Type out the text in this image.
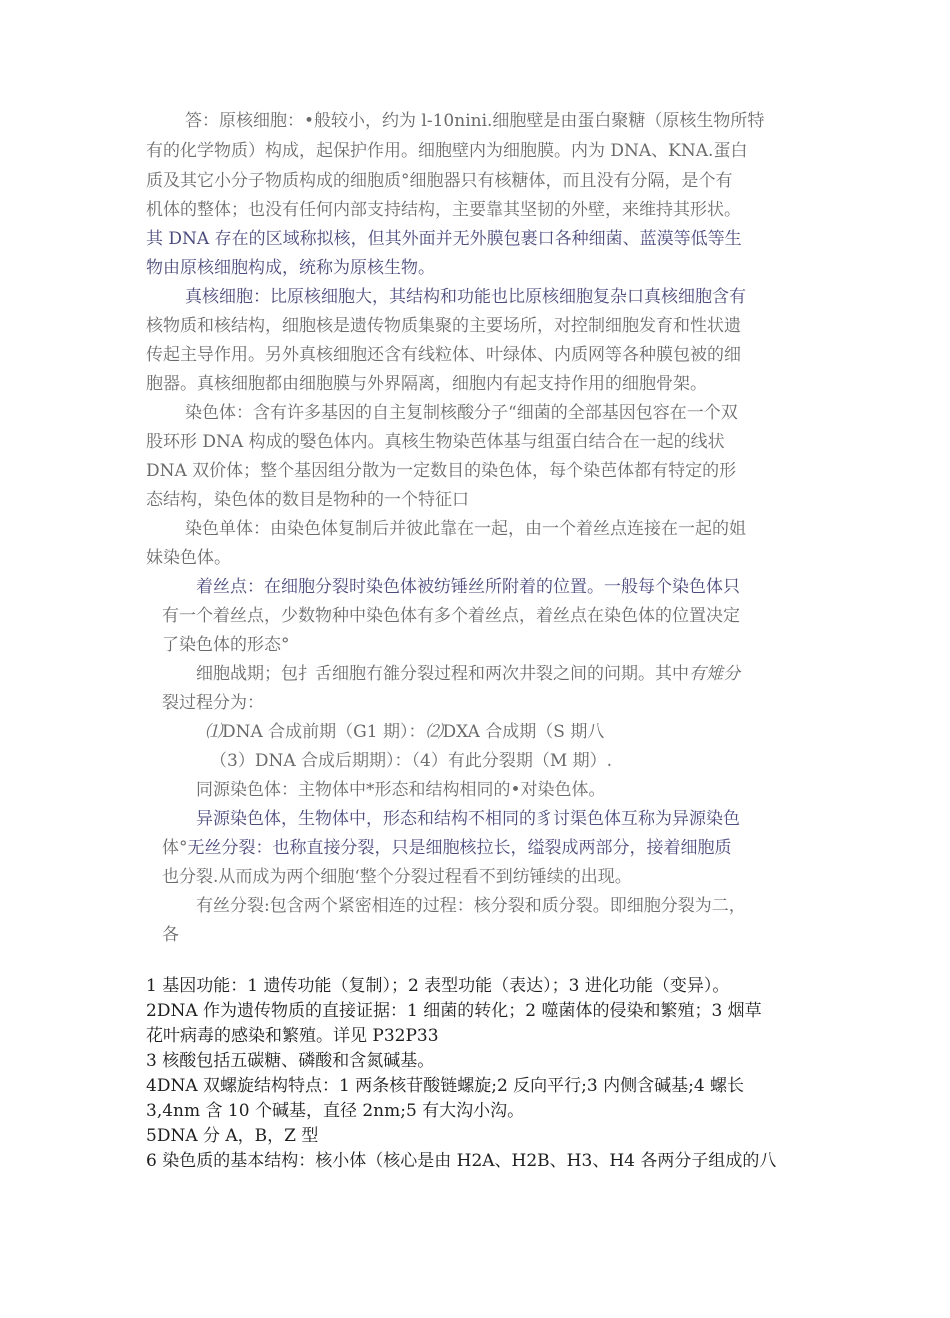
答：原核细胞：•般较小，约为 l-10nini.细胞壁是由蛋白聚糖（原核生物所特
有的化学物质）构成，起保护作用。细胞壁内为细胞膜。内为 DNA、KNA.蛋白
质及其它小分子物质构成的细胞质°细胞器只有核糖体，而且没有分隔，是个有
机体的整体；也没有任何内部支持结构，主要靠其坚韧的外壁，来维持其形状。
其 DNA 存在的区域称拟核，但其外面并无外膜包裹口各种细菌、蓝漠等低等生
物由原核细胞构成，统称为原核生物。
真核细胞：比原核细胞大，其结构和功能也比原核细胞复杂口真核细胞含有
核物质和核结构，细胞核是遗传物质集聚的主要场所，对控制细胞发育和性状遗
传起主导作用。另外真核细胞还含有线粒体、叶绿体、内质网等各种膜包被的细
胞器。真核细胞都由细胞膜与外界隔离，细胞内有起支持作用的细胞骨架。
染色体：含有许多基因的自主复制核酸分子“细菌的全部基因包容在一个双
股环形 DNA 构成的嫛色体内。真核生物染芭体基与组蛋白结合在一起的线状
DNA 双价体；整个基因组分散为一定数目的染色体，每个染芭体都有特定的形
态结构，染色体的数目是物种的一个特征口
染色单体：由染色体复制后并彼此靠在一起，由一个着丝点连接在一起的姐
妹染色体。
着丝点：在细胞分裂时染色体被纺锤丝所附着的位置。一般每个染色体只
有一个着丝点，少数物种中染色体有多个着丝点，着丝点在染色体的位置决定
了染色体的形态°
细胞战期；包扌舌细胞冇雒分裂过程和两次井裂之间的问期。其中有雉分
裂过程分为：
⑴DNA 合成前期（G1 期）：⑵DXA 合成期（S 期八
（3）DNA 合成后期期）：（4）有此分裂期（M 期）.
同源染色体：主物体中*形态和结构相同的•对染色体。
异源染色体，生物体中，形态和结构不相同的豸讨渠色体互称为异源染色
体°无丝分裂：也称直接分裂，只是细胞核拉长，缢裂成两部分，接着细胞质
也分裂.从而成为两个细胞‘整个分裂过程看不到纺锤续的出现。
有丝分裂:包含两个紧密相连的过程：核分裂和质分裂。即细胞分裂为二，
各
1 基因功能：1 遗传功能（复制）；2 表型功能（表达）；3 进化功能（变异）。
2DNA 作为遗传物质的直接证据：1 细菌的转化；2 噬菌体的侵染和繁殖；3 烟草
花叶病毒的感染和繁殖。详见 P32P33
3 核酸包括五碳糖、磷酸和含氮碱基。
4DNA 双螺旋结构特点：1 两条核苷酸链螺旋;2 反向平行;3 内侧含碱基;4 螺长
3,4nm 含 10 个碱基，直径 2nm;5 有大沟小沟。
5DNA 分 A，B，Z 型
6 染色质的基本结构：核小体（核心是由 H2A、H2B、H3、H4 各两分子组成的八
